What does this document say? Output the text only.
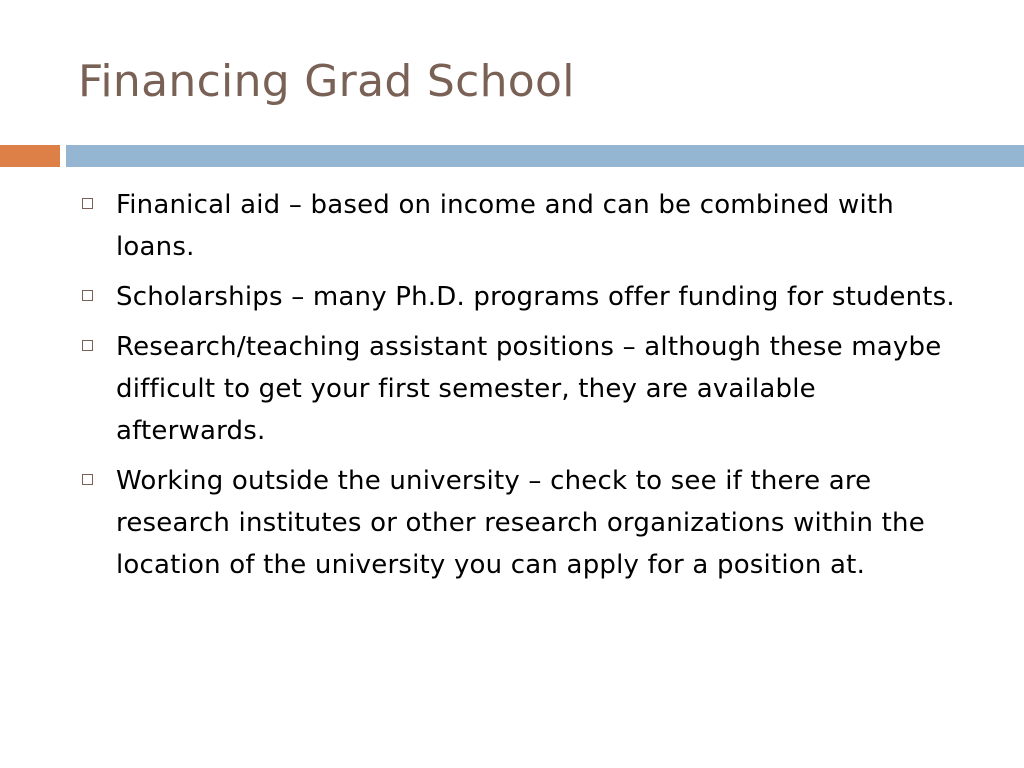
Financing Grad School
Finanical aid – based on income and can be combined with loans.
Scholarships – many Ph.D. programs offer funding for students.
Research/teaching assistant positions – although these maybe difficult to get your first semester, they are available afterwards.
Working outside the university – check to see if there are research institutes or other research organizations within the location of the university you can apply for a position at.
